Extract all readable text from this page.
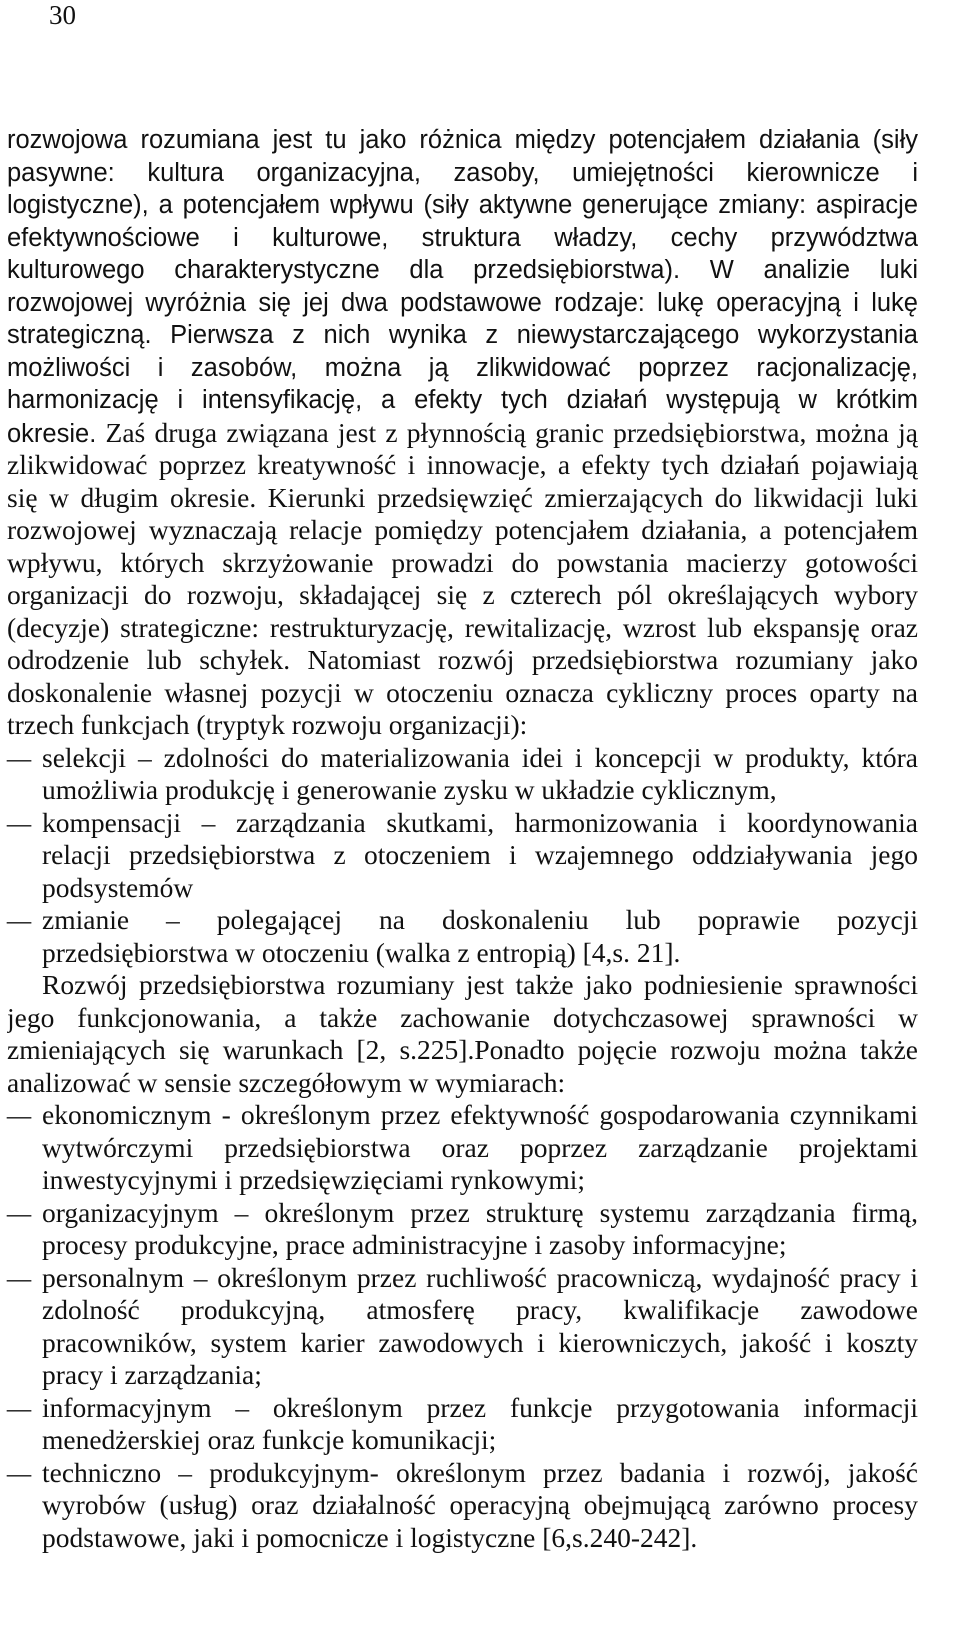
30
rozwojowa rozumiana jest tu jako różnica między potencjałem działania (siły
pasywne: kultura organizacyjna, zasoby, umiejętności kierownicze i
logistyczne), a potencjałem wpływu (siły aktywne generujące zmiany: aspiracje
efektywnościowe i kulturowe, struktura władzy, cechy przywództwa
kulturowego charakterystyczne dla przedsiębiorstwa). W analizie luki
rozwojowej wyróżnia się jej dwa podstawowe rodzaje: lukę operacyjną i lukę
strategiczną. Pierwsza z nich wynika z niewystarczającego wykorzystania
możliwości i zasobów, można ją zlikwidować poprzez racjonalizację,
harmonizację i intensyfikację, a efekty tych działań występują w krótkim
okresie. Zaś druga związana jest z płynnością granic przedsiębiorstwa, można ją
zlikwidować poprzez kreatywność i innowacje, a efekty tych działań pojawiają
się w długim okresie. Kierunki przedsięwzięć zmierzających do likwidacji luki
rozwojowej wyznaczają relacje pomiędzy potencjałem działania, a potencjałem
wpływu, których skrzyżowanie prowadzi do powstania macierzy gotowości
organizacji do rozwoju, składającej się z czterech pól określających wybory
(decyzje) strategiczne: restrukturyzację, rewitalizację, wzrost lub ekspansję oraz
odrodzenie lub schyłek. Natomiast rozwój przedsiębiorstwa rozumiany jako
doskonalenie własnej pozycji w otoczeniu oznacza cykliczny proces oparty na
trzech funkcjach (tryptyk rozwoju organizacji):
– selekcji – zdolności do materializowania idei i koncepcji w produkty, która
umożliwia produkcję i generowanie zysku w układzie cyklicznym,
– kompensacji – zarządzania skutkami, harmonizowania i koordynowania
relacji przedsiębiorstwa z otoczeniem i wzajemnego oddziaływania jego
podsystemów
– zmianie – polegającej na doskonaleniu lub poprawie pozycji
przedsiębiorstwa w otoczeniu (walka z entropią) [4,s. 21].
Rozwój przedsiębiorstwa rozumiany jest także jako podniesienie sprawności
jego funkcjonowania, a także zachowanie dotychczasowej sprawności w
zmieniających się warunkach [2, s.225].Ponadto pojęcie rozwoju można także
analizować w sensie szczegółowym w wymiarach:
– ekonomicznym - określonym przez efektywność gospodarowania czynnikami
wytwórczymi przedsiębiorstwa oraz poprzez zarządzanie projektami
inwestycyjnymi i przedsięwzięciami rynkowymi;
– organizacyjnym – określonym przez strukturę systemu zarządzania firmą,
procesy produkcyjne, prace administracyjne i zasoby informacyjne;
– personalnym – określonym przez ruchliwość pracowniczą, wydajność pracy i
zdolność produkcyjną, atmosferę pracy, kwalifikacje zawodowe
pracowników, system karier zawodowych i kierowniczych, jakość i koszty
pracy i zarządzania;
– informacyjnym – określonym przez funkcje przygotowania informacji
menedżerskiej oraz funkcje komunikacji;
– techniczno – produkcyjnym- określonym przez badania i rozwój, jakość
wyrobów (usług) oraz działalność operacyjną obejmującą zarówno procesy
podstawowe, jaki i pomocnicze i logistyczne [6,s.240-242].
